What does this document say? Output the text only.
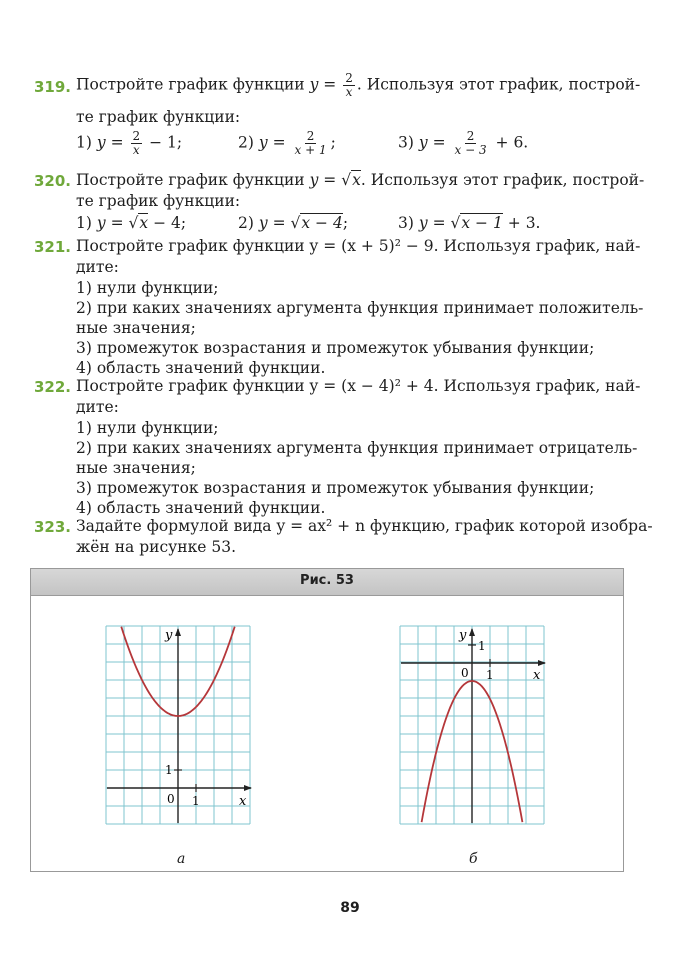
319. Постройте график функции $y = \frac{2}{x}$ . Используя этот график, построй-
те график функции:
1) $y = \frac{2}{x} - 1$;	2) $y = \frac{2}{x + 1}$ ;	3) $y = \frac{2}{x - 3} + 6$.
320. Постройте график функции y = √x. Используя этот график, построй-
те график функции:
1) y = √x − 4;	2) y = √x − 4;	3) y = √x − 1 + 3.
321. Постройте график функции y = (x + 5)² − 9. Используя график, най-
дите:
1) нули функции;
2) при каких значениях аргумента функция принимает положитель-
ные значения;
3) промежуток возрастания и промежуток убывания функции;
4) область значений функции.
322. Постройте график функции y = (x − 4)² + 4. Используя график, най-
дите:
1) нули функции;
2) при каких значениях аргумента функция принимает отрицатель-
ные значения;
3) промежуток возрастания и промежуток убывания функции;
4) область значений функции.
323. Задайте формулой вида y = ax² + n функцию, график которой изобра-
жён на рисунке 53.
Рис. 53
y
x
0 1
1
y
x
0 1
1
а	б
89
